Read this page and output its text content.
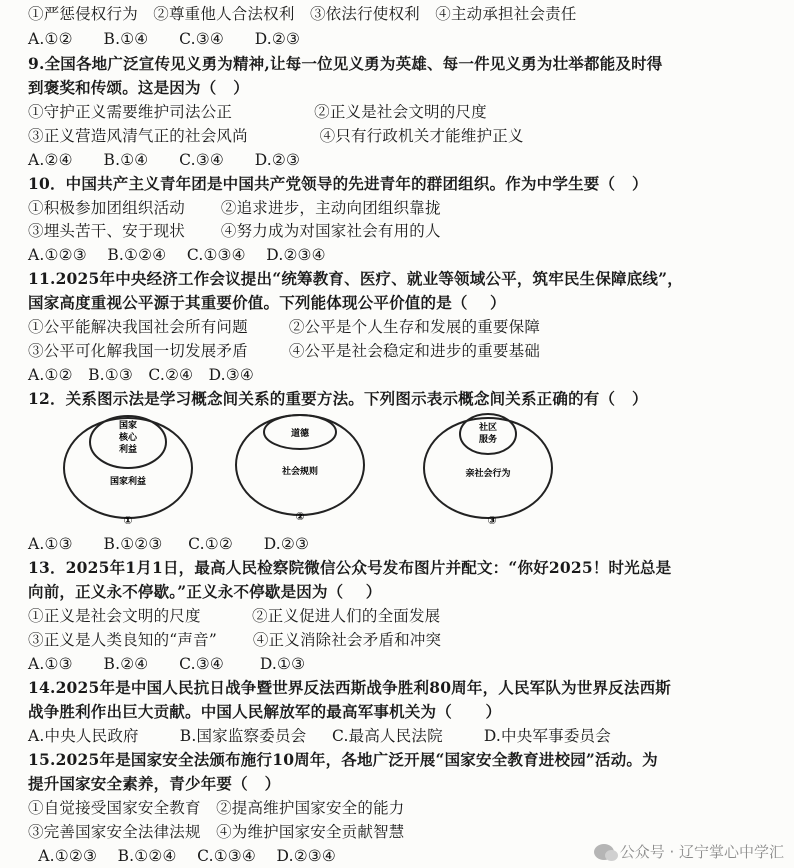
①严惩侵权行为   ②尊重他人合法权利   ③依法行使权利   ④主动承担社会责任
A.①②      B.①④      C.③④      D.②③
9.全国各地广泛宣传见义勇为精神,让每一位见义勇为英雄、每一件见义勇为壮举都能及时得
到褒奖和传颂。这是因为（   ）
①守护正义需要维护司法公正                ②正义是社会文明的尺度
③正义营造风清气正的社会风尚              ④只有行政机关才能维护正义
A.②④      B.①④      C.③④      D.②③
10．中国共产主义青年团是中国共产党领导的先进青年的群团组织。作为中学生要（   ）
①积极参加团组织活动       ②追求进步，主动向团组织靠拢
③埋头苦干、安于现状       ④努力成为对国家社会有用的人
A.①②③    B.①②④    C.①③④    D.②③④
11.2025年中央经济工作会议提出“统筹教育、医疗、就业等领域公平，筑牢民生保障底线”，
国家高度重视公平源于其重要价值。下列能体现公平价值的是（    ）
①公平能解决我国社会所有问题        ②公平是个人生存和发展的重要保障
③公平可化解我国一切发展矛盾        ④公平是社会稳定和进步的重要基础
A.①②   B.①③   C.②④   D.③④
12．关系图示法是学习概念间关系的重要方法。下列图示表示概念间关系正确的有（   ）
国家
核心
利益
国家利益
①
道德
社会规则
②
社区
服务
亲社会行为
③
A.①③      B.①②③     C.①②      D.②③
13．2025年1月1日，最高人民检察院微信公众号发布图片并配文：“你好2025！时光总是
向前，正义永不停歇。”正义永不停歇是因为（    ）
①正义是社会文明的尺度          ②正义促进人们的全面发展
③正义是人类良知的“声音”       ④正义消除社会矛盾和冲突
A.①③      B.②④      C.③④       D.①③
14.2025年是中国人民抗日战争暨世界反法西斯战争胜利80周年，人民军队为世界反法西斯
战争胜利作出巨大贡献。中国人民解放军的最高军事机关为（      ）
A.中央人民政府        B.国家监察委员会     C.最高人民法院        D.中央军事委员会
15.2025年是国家安全法颁布施行10周年，各地广泛开展“国家安全教育进校园”活动。为
提升国家安全素养，青少年要（   ）
①自觉接受国家安全教育   ②提高维护国家安全的能力
③完善国家安全法律法规   ④为维护国家安全贡献智慧
A.①②③    B.①②④    C.①③④    D.②③④	公众号 · 辽宁掌心中学汇
